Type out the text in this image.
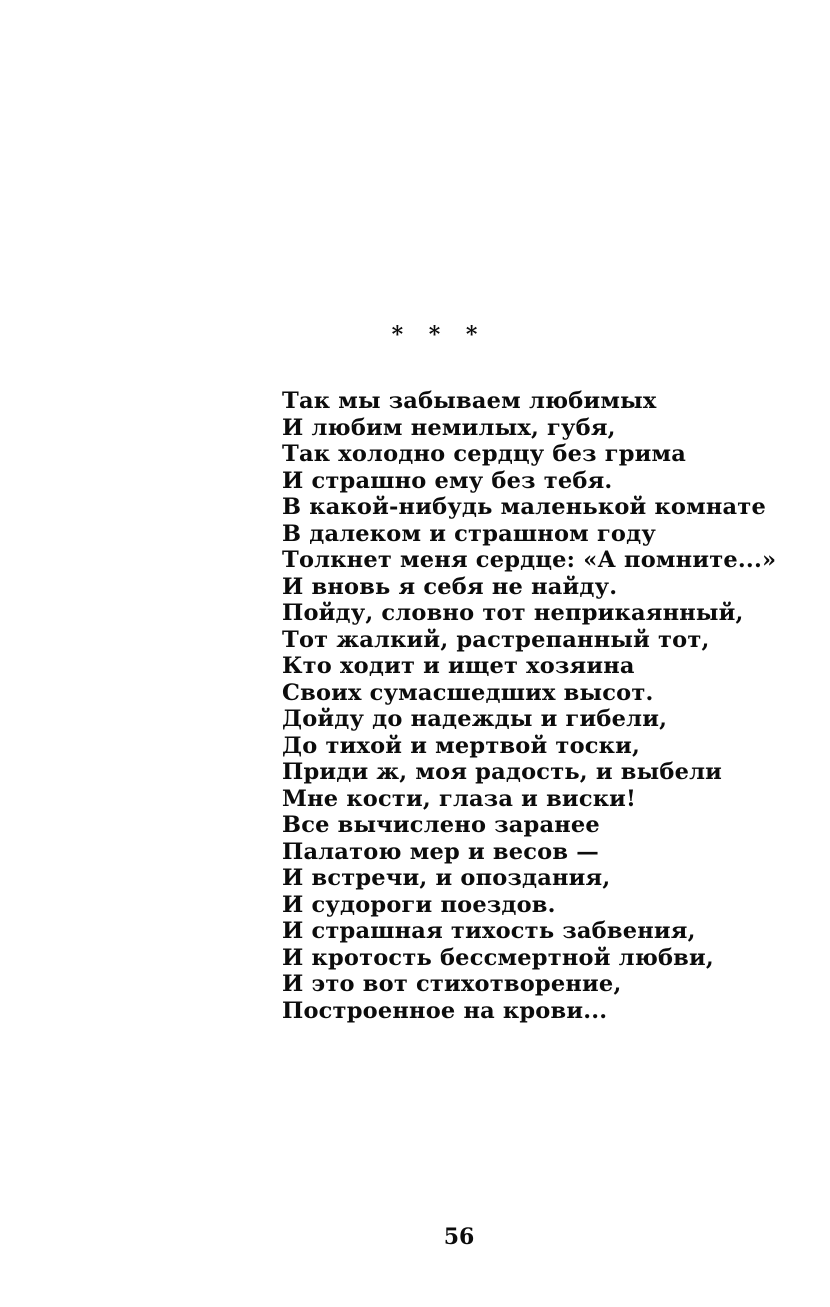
* * *
Так мы забываем любимых
И любим немилых, губя,
Так холодно сердцу без грима
И страшно ему без тебя.
В какой-нибудь маленькой комнате
В далеком и страшном году
Толкнет меня сердце: «А помните...»
И вновь я себя не найду.
Пойду, словно тот неприкаянный,
Тот жалкий, растрепанный тот,
Кто ходит и ищет хозяина
Своих сумасшедших высот.
Дойду до надежды и гибели,
До тихой и мертвой тоски,
Приди ж, моя радость, и выбели
Мне кости, глаза и виски!
Все вычислено заранее
Палатою мер и весов —
И встречи, и опоздания,
И судороги поездов.
И страшная тихость забвения,
И кротость бессмертной любви,
И это вот стихотворение,
Построенное на крови...
56
